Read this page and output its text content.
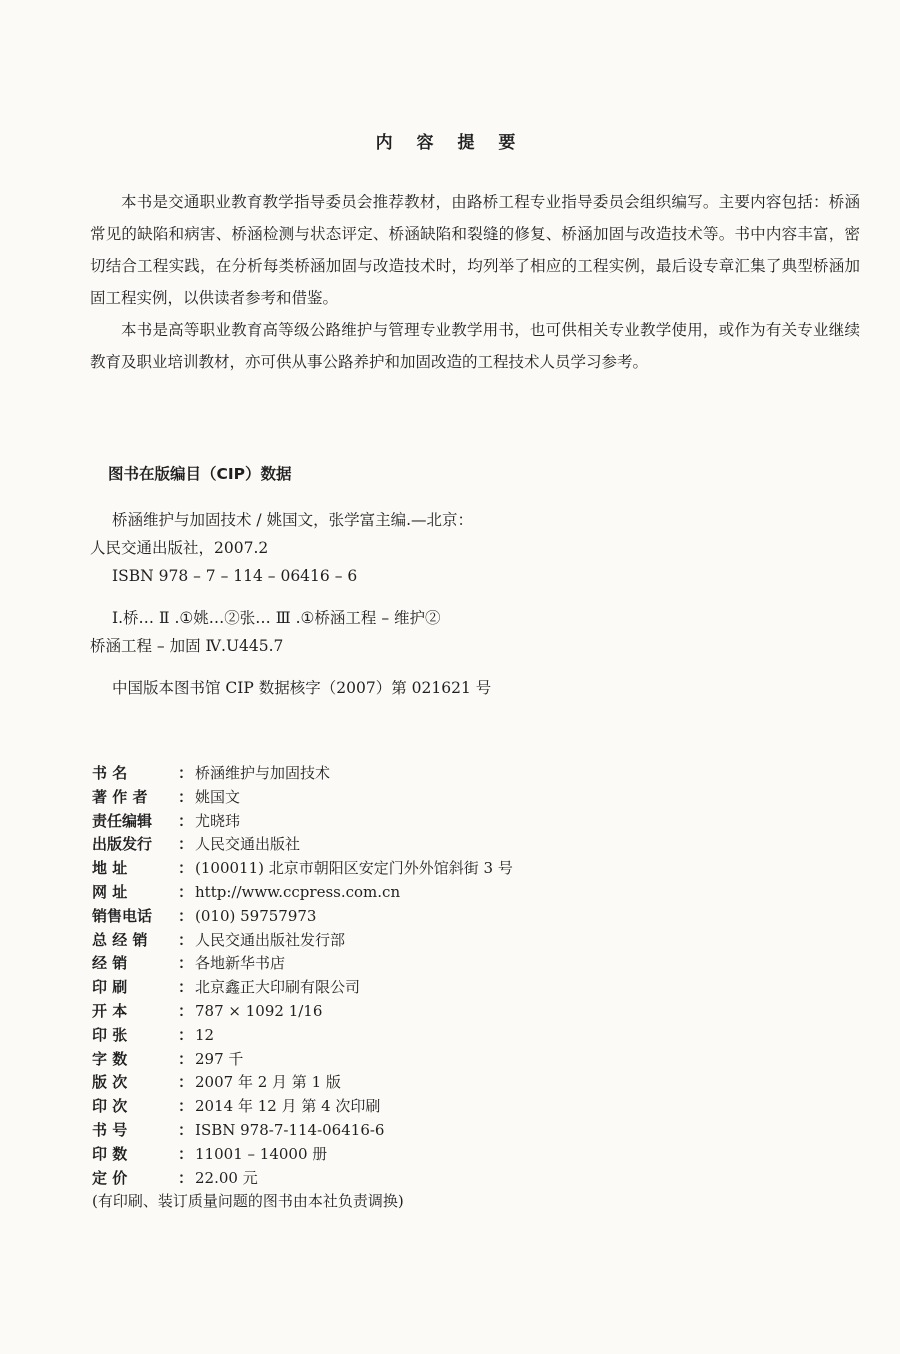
内 容 提 要

本书是交通职业教育教学指导委员会推荐教材，由路桥工程专业指导委员会组织编写。主要内容包括：桥涵常见的缺陷和病害、桥涵检测与状态评定、桥涵缺陷和裂缝的修复、桥涵加固与改造技术等。书中内容丰富，密切结合工程实践，在分析每类桥涵加固与改造技术时，均列举了相应的工程实例，最后设专章汇集了典型桥涵加固工程实例，以供读者参考和借鉴。

本书是高等职业教育高等级公路维护与管理专业教学用书，也可供相关专业教学使用，或作为有关专业继续教育及职业培训教材，亦可供从事公路养护和加固改造的工程技术人员学习参考。

图书在版编目（CIP）数据
桥涵维护与加固技术 / 姚国文，张学富主编.—北京：
人民交通出版社，2007.2
ISBN 978 – 7 – 114 – 06416 – 6
Ⅰ.桥… Ⅱ .①姚…②张… Ⅲ .①桥涵工程 – 维护②
桥涵工程 – 加固 Ⅳ.U445.7
中国版本图书馆 CIP 数据核字（2007）第 021621 号
书 名	： 桥涵维护与加固技术
著 作 者	： 姚国文
责任编辑	： 尤晓玮
出版发行	： 人民交通出版社
地 址	： (100011) 北京市朝阳区安定门外外馆斜街 3 号
网 址	： http://www.ccpress.com.cn
销售电话	： (010) 59757973
总 经 销	： 人民交通出版社发行部
经 销	： 各地新华书店
印 刷	： 北京鑫正大印刷有限公司
开 本	： 787 × 1092 1/16
印 张	： 12
字 数	： 297 千
版 次	： 2007 年 2 月 第 1 版
印 次	： 2014 年 12 月 第 4 次印刷
书 号	： ISBN 978-7-114-06416-6
印 数	： 11001 – 14000 册
定 价	： 22.00 元
(有印刷、装订质量问题的图书由本社负责调换)
